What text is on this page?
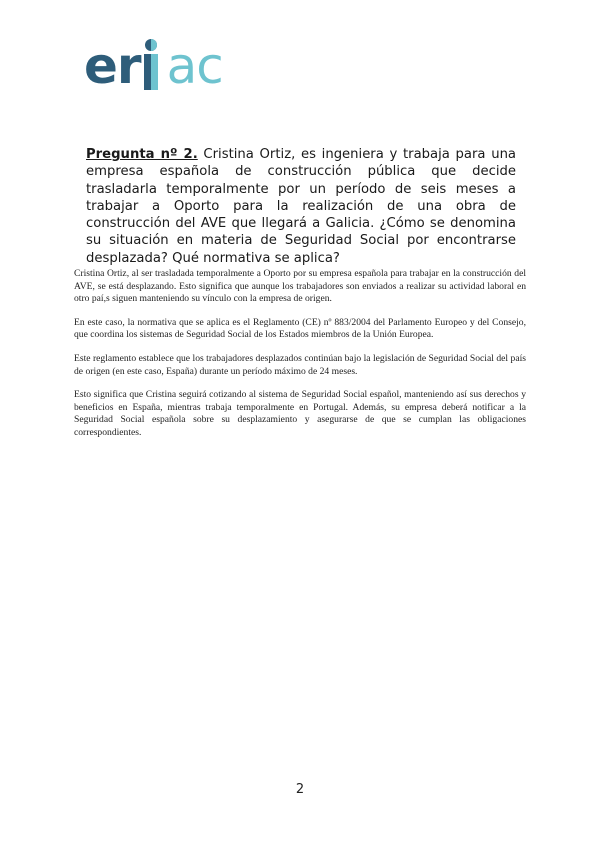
er ac
Pregunta nº 2. Cristina Ortiz, es ingeniera y trabaja para una empresa española de construcción pública que decide trasladarla temporalmente por un período de seis meses a trabajar a Oporto para la realización de una obra de construcción del AVE que llegará a Galicia. ¿Cómo se denomina su situación en materia de Seguridad Social por encontrarse desplazada? Qué normativa se aplica?

Cristina Ortiz, al ser trasladada temporalmente a Oporto por su empresa española para trabajar en la construcción del AVE, se está desplazando. Esto significa que aunque los trabajadores son enviados a realizar su actividad laboral en otro paí,s siguen manteniendo su vínculo con la empresa de origen.

En este caso, la normativa que se aplica es el Reglamento (CE) nº 883/2004 del Parlamento Europeo y del Consejo, que coordina los sistemas de Seguridad Social de los Estados miembros de la Unión Europea.

Este reglamento establece que los trabajadores desplazados continúan bajo la legislación de Seguridad Social del país de origen (en este caso, España) durante un período máximo de 24 meses.

Esto significa que Cristina seguirá cotizando al sistema de Seguridad Social español, manteniendo así sus derechos y beneficios en España, mientras trabaja temporalmente en Portugal. Además, su empresa deberá notificar a la Seguridad Social española sobre su desplazamiento y asegurarse de que se cumplan las obligaciones correspondientes.

2
